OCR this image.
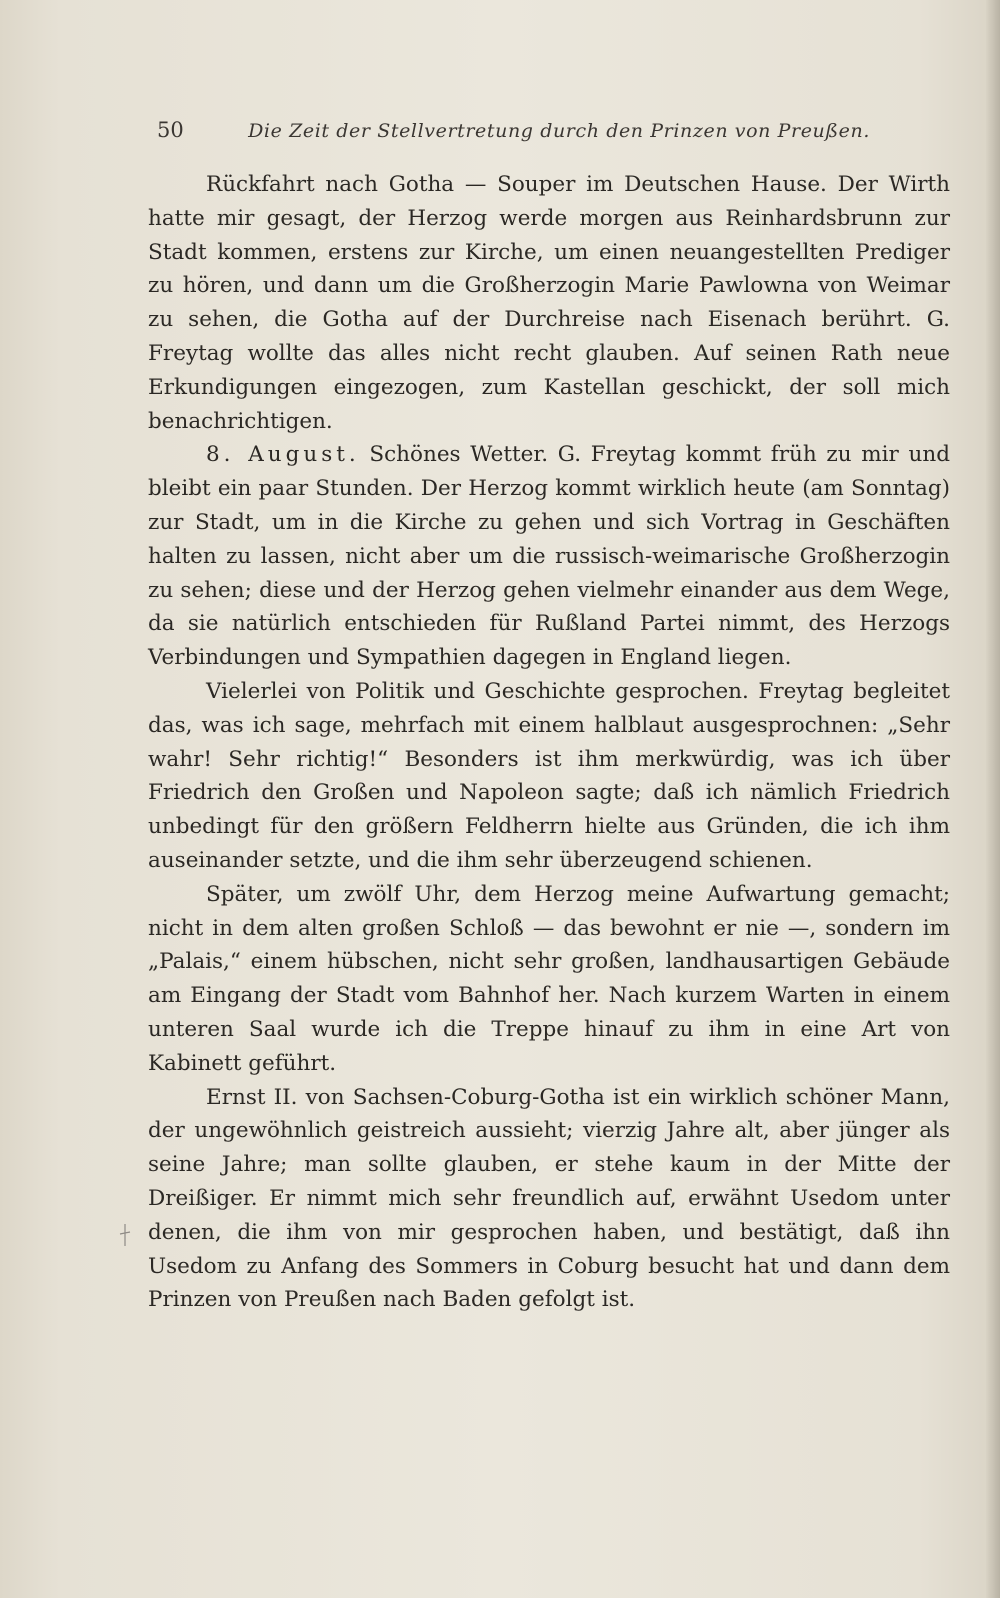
50	Die Zeit der Stellvertretung durch den Prinzen von Preußen.

Rückfahrt nach Gotha — Souper im Deutschen Hause. Der Wirth hatte mir gesagt, der Herzog werde morgen aus Reinhardsbrunn zur Stadt kommen, erstens zur Kirche, um einen neuangestellten Prediger zu hören, und dann um die Großherzogin Marie Pawlowna von Weimar zu sehen, die Gotha auf der Durchreise nach Eisenach berührt. G. Freytag wollte das alles nicht recht glauben. Auf seinen Rath neue Erkundigungen eingezogen, zum Kastellan geschickt, der soll mich benachrichtigen.

8. August. Schönes Wetter. G. Freytag kommt früh zu mir und bleibt ein paar Stunden. Der Herzog kommt wirklich heute (am Sonntag) zur Stadt, um in die Kirche zu gehen und sich Vortrag in Geschäften halten zu lassen, nicht aber um die russisch-weimarische Großherzogin zu sehen; diese und der Herzog gehen vielmehr einander aus dem Wege, da sie natürlich entschieden für Rußland Partei nimmt, des Herzogs Verbindungen und Sympathien dagegen in England liegen.

Vielerlei von Politik und Geschichte gesprochen. Freytag begleitet das, was ich sage, mehrfach mit einem halblaut ausgesprochnen: „Sehr wahr! Sehr richtig!“ Besonders ist ihm merkwürdig, was ich über Friedrich den Großen und Napoleon sagte; daß ich nämlich Friedrich unbedingt für den größern Feldherrn hielte aus Gründen, die ich ihm auseinander setzte, und die ihm sehr überzeugend schienen.

Später, um zwölf Uhr, dem Herzog meine Aufwartung gemacht; nicht in dem alten großen Schloß — das bewohnt er nie —, sondern im „Palais,“ einem hübschen, nicht sehr großen, landhausartigen Gebäude am Eingang der Stadt vom Bahnhof her. Nach kurzem Warten in einem unteren Saal wurde ich die Treppe hinauf zu ihm in eine Art von Kabinett geführt.

Ernst II. von Sachsen-Coburg-Gotha ist ein wirklich schöner Mann, der ungewöhnlich geistreich aussieht; vierzig Jahre alt, aber jünger als seine Jahre; man sollte glauben, er stehe kaum in der Mitte der Dreißiger. Er nimmt mich sehr freundlich auf, erwähnt Usedom unter denen, die ihm von mir gesprochen haben, und bestätigt, daß ihn Usedom zu Anfang des Sommers in Coburg besucht hat und dann dem Prinzen von Preußen nach Baden gefolgt ist.
